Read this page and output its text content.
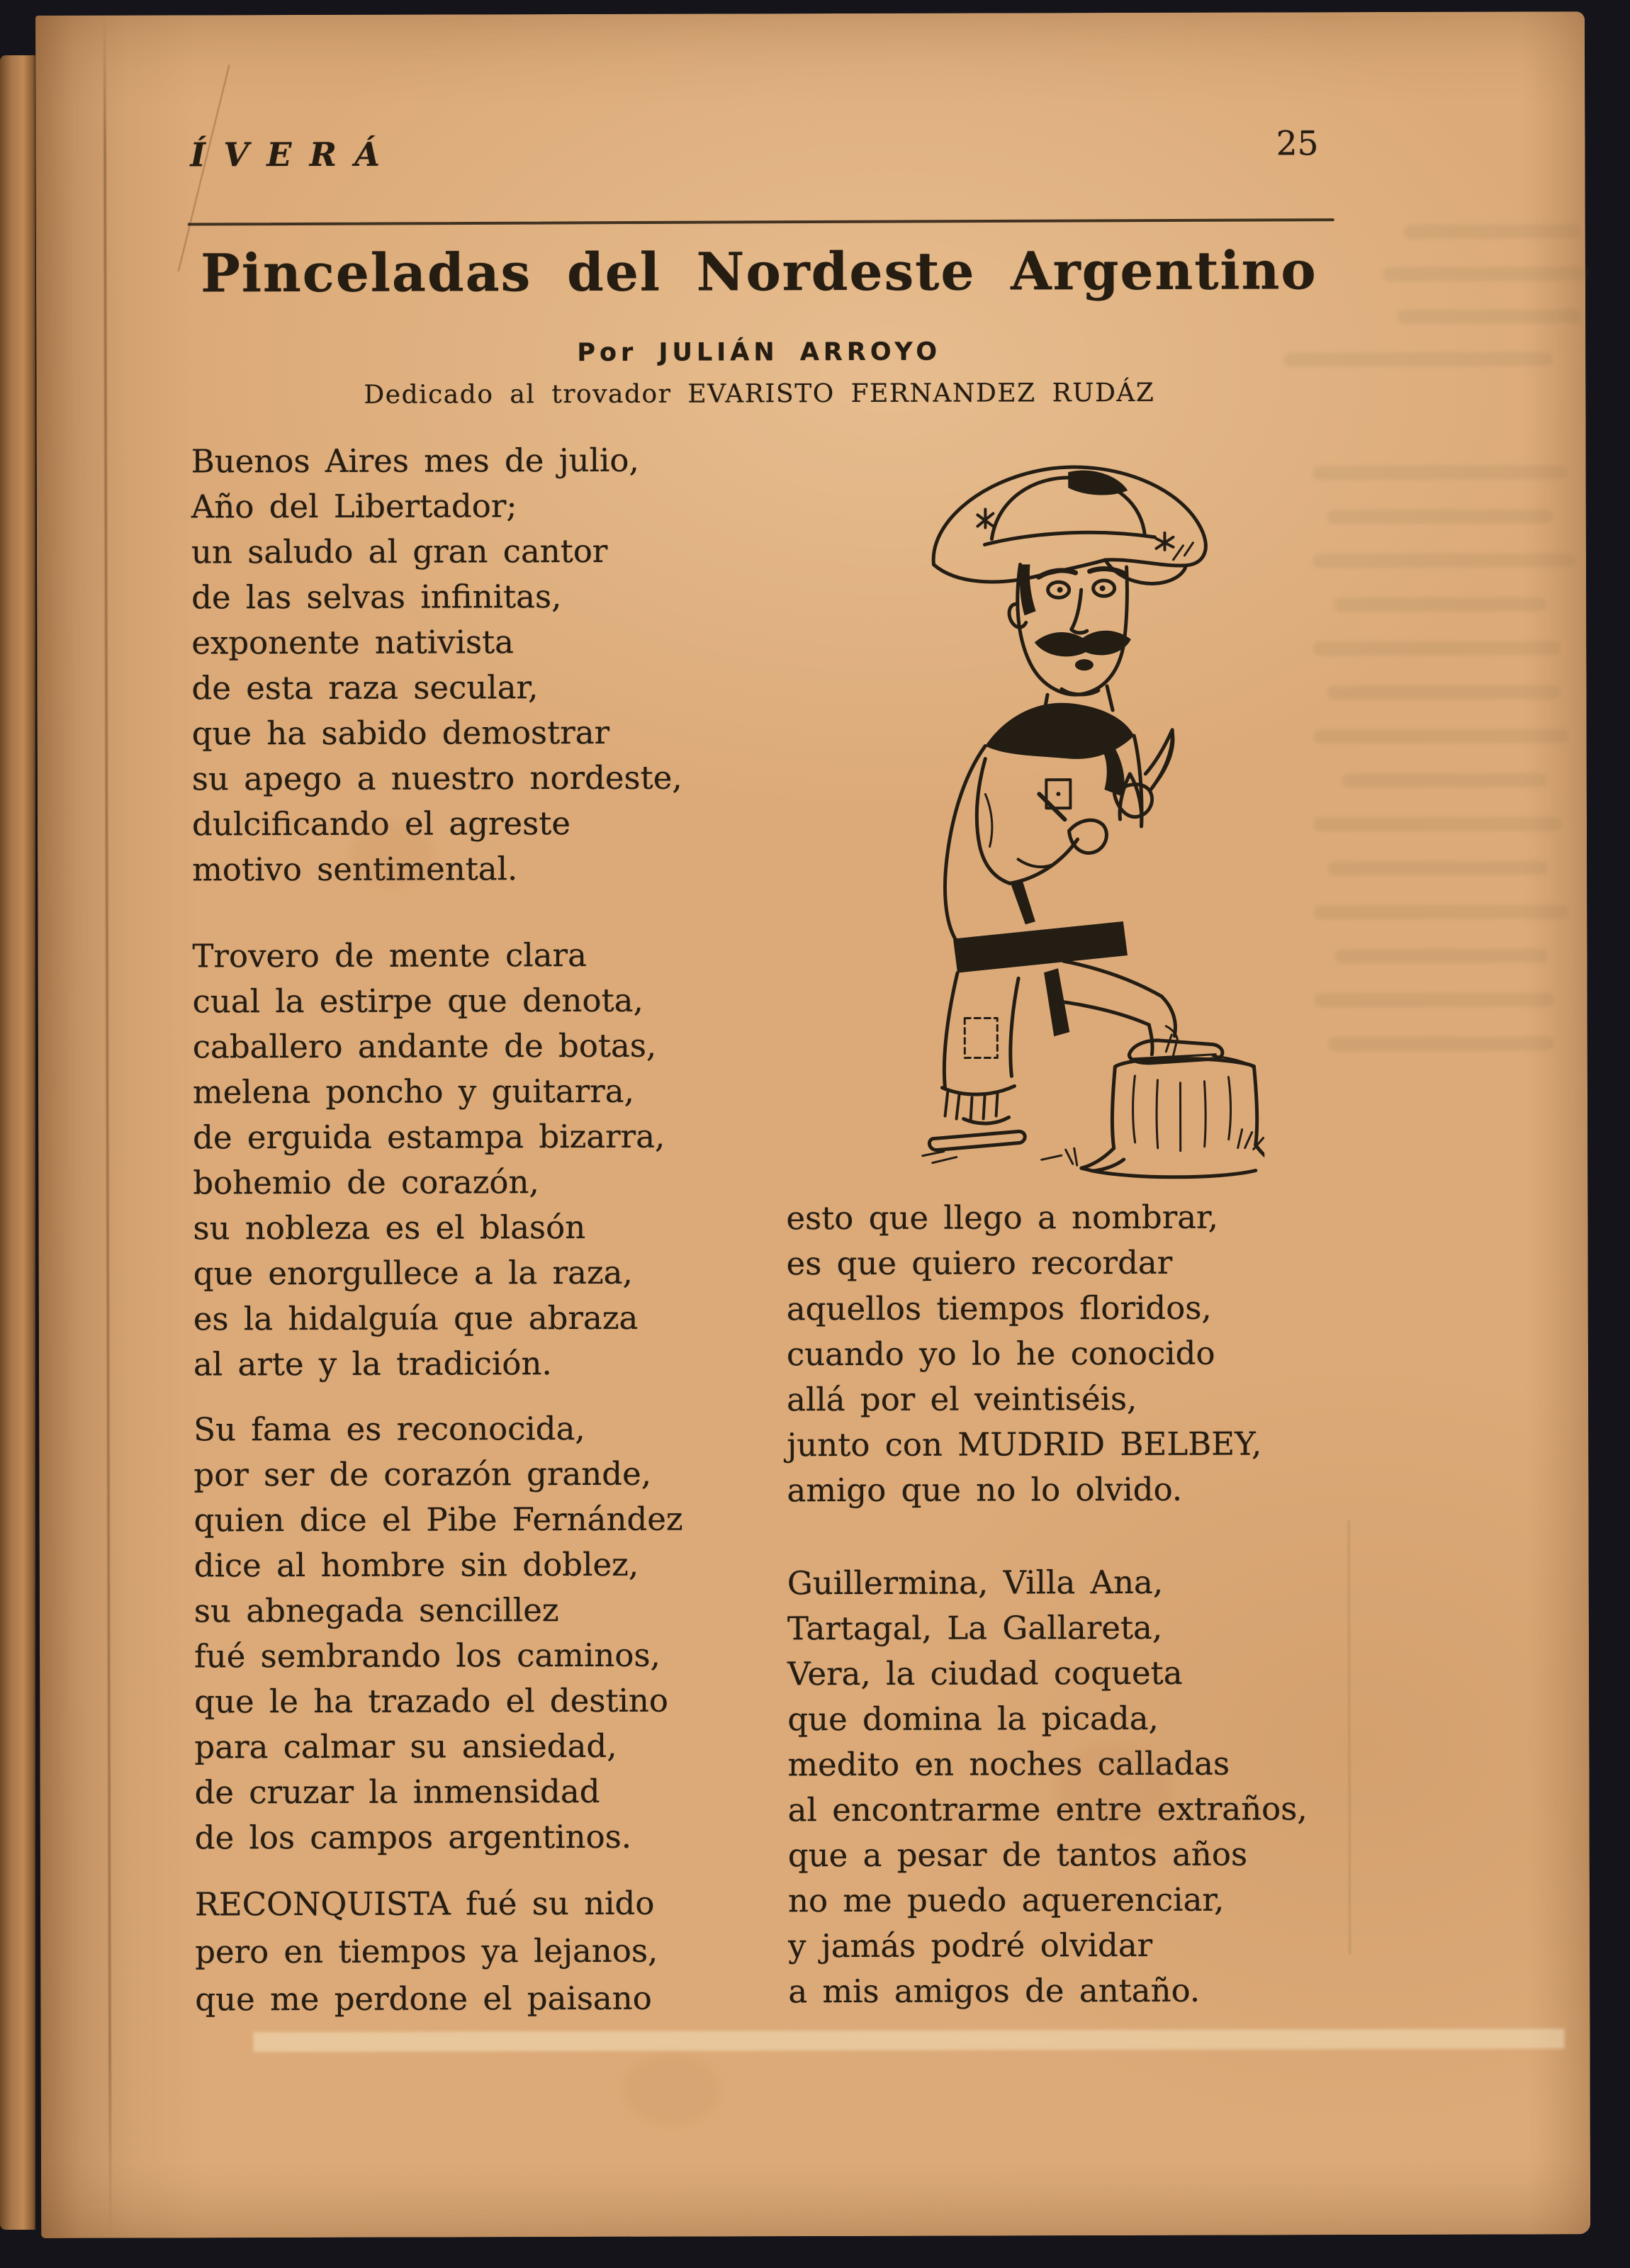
ÍVERÁ	25
Pinceladas del Nordeste Argentino
Por JULIÁN ARROYO
Dedicado al trovador EVARISTO FERNANDEZ RUDÁZ
Buenos Aires mes de julio,
Año del Libertador;
un saludo al gran cantor
de las selvas infinitas,
exponente nativista
de esta raza secular,
que ha sabido demostrar
su apego a nuestro nordeste,
dulcificando el agreste
motivo sentimental.
Trovero de mente clara
cual la estirpe que denota,
caballero andante de botas,
melena poncho y guitarra,
de erguida estampa bizarra,
bohemio de corazón,
su nobleza es el blasón
que enorgullece a la raza,
es la hidalguía que abraza
al arte y la tradición.
Su fama es reconocida,
por ser de corazón grande,
quien dice el Pibe Fernández
dice al hombre sin doblez,
su abnegada sencillez
fué sembrando los caminos,
que le ha trazado el destino
para calmar su ansiedad,
de cruzar la inmensidad
de los campos argentinos.
RECONQUISTA fué su nido
pero en tiempos ya lejanos,
que me perdone el paisano
esto que llego a nombrar,
es que quiero recordar
aquellos tiempos floridos,
cuando yo lo he conocido
allá por el veintiséis,
junto con MUDRID BELBEY,
amigo que no lo olvido.
Guillermina, Villa Ana,
Tartagal, La Gallareta,
Vera, la ciudad coqueta
que domina la picada,
medito en noches calladas
al encontrarme entre extraños,
que a pesar de tantos años
no me puedo aquerenciar,
y jamás podré olvidar
a mis amigos de antaño.
